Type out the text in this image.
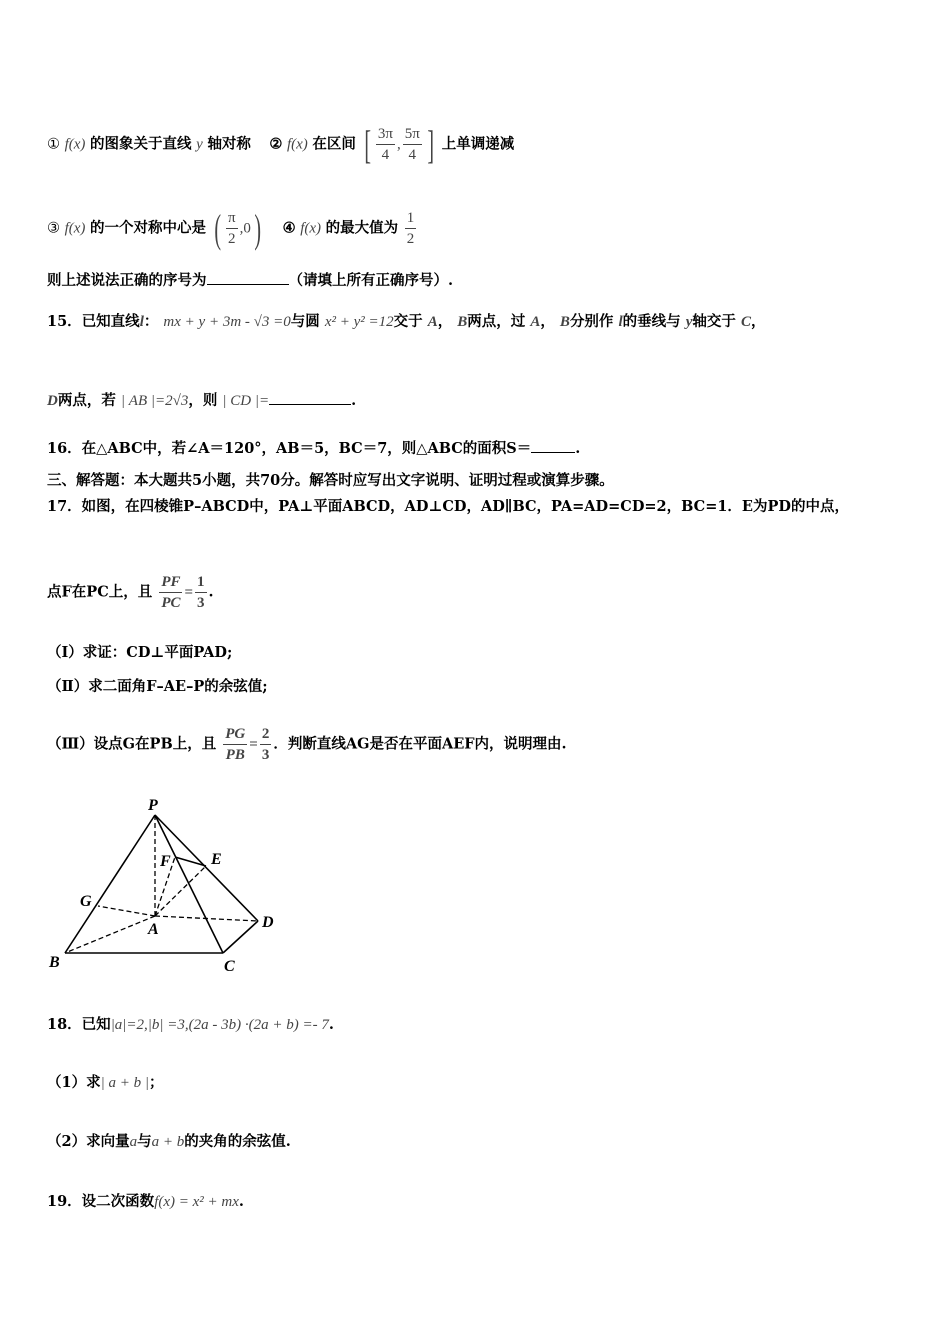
① f(x) 的图象关于直线 y 轴对称 ② f(x) 在区间 [ $\frac{3\pi}{4}$ , $\frac{5\pi}{4}$ ] 上单调递减
③ f(x) 的一个对称中心是 ( $\frac{\pi}{2} ,0$) ④ f(x) 的最大值为 $\frac{1}{2}$
则上述说法正确的序号为	（请填上所有正确序号）.
15．已知直线l： mx + y + 3m - √3 =0与圆 x² + y² =12交于 A， B两点，过 A， B分别作 l的垂线与 y轴交于 C，
D两点，若 | AB |=2√3，则 | CD |=	.
16．在△ABC中，若∠A＝120°，AB＝5，BC＝7，则△ABC的面积S＝	.
三、解答题：本大题共5小题，共70分。解答时应写出文字说明、证明过程或演算步骤。
17．如图，在四棱锥P–ABCD中，PA⊥平面ABCD，AD⊥CD，AD∥BC，PA=AD=CD=2，BC=1．E为PD的中点，
点F在PC上，且 $\frac{PF}{PC} = \frac{1}{3}$ .
（Ⅰ）求证：CD⊥平面PAD;
（Ⅱ）求二面角F–AE–P的余弦值;
（Ⅲ）设点G在PB上，且 $\frac{PG}{PB} = \frac{2}{3}$ ．判断直线AG是否在平面AEF内，说明理由.
P
F	E
G
A	D
B	C
18．已知|a|=2,|b| =3,(2a - 3b) ·(2a + b) =- 7.
（1）求| a + b |；
（2）求向量a与a + b的夹角的余弦值.
19．设二次函数f(x) = x² + mx.
